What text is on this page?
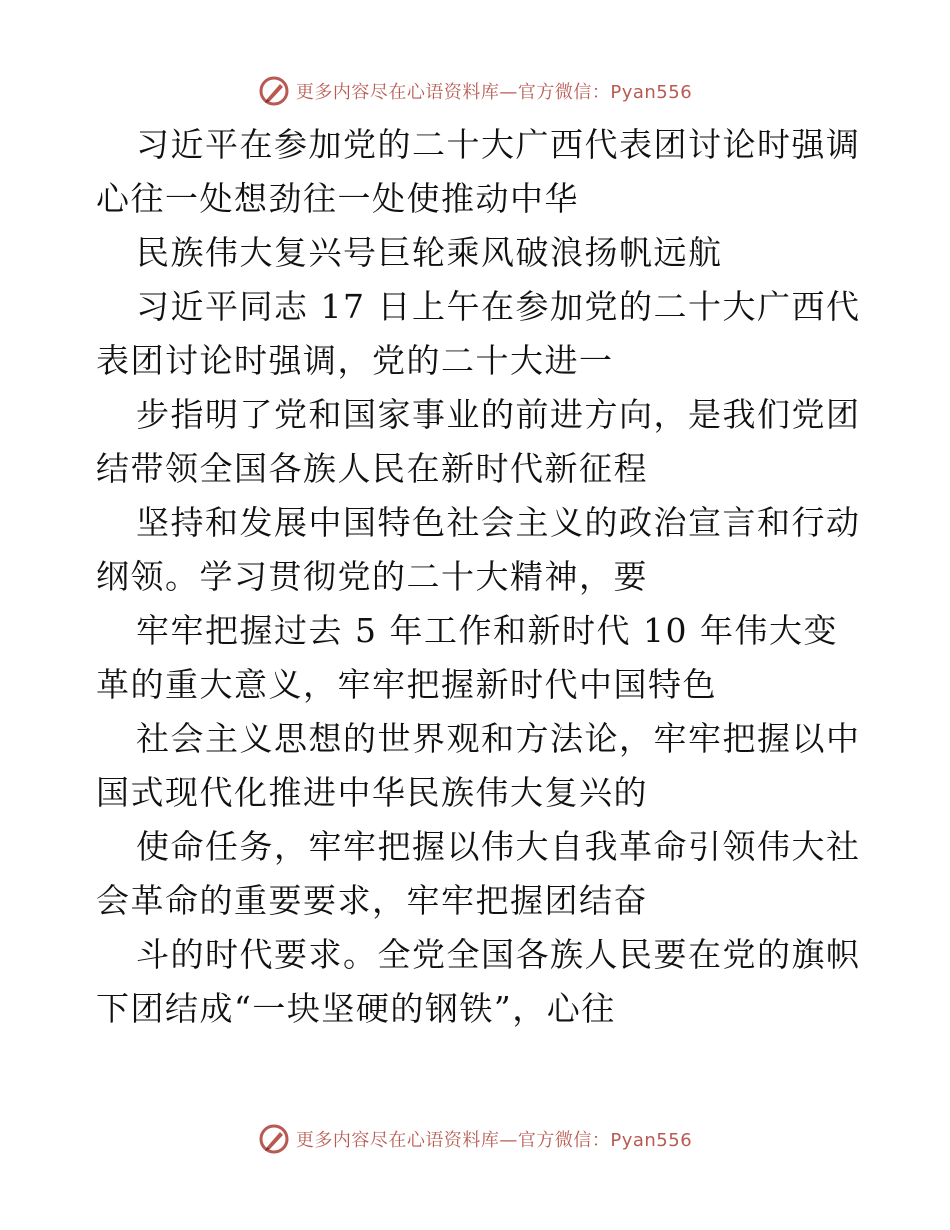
更多内容尽在心语资料库—官方微信：Pyan556
习近平在参加党的二十大广西代表团讨论时强调
心往一处想劲往一处使推动中华
民族伟大复兴号巨轮乘风破浪扬帆远航
习近平同志 17 日上午在参加党的二十大广西代
表团讨论时强调，党的二十大进一
步指明了党和国家事业的前进方向，是我们党团
结带领全国各族人民在新时代新征程
坚持和发展中国特色社会主义的政治宣言和行动
纲领。学习贯彻党的二十大精神，要
牢牢把握过去 5 年工作和新时代 10 年伟大变
革的重大意义，牢牢把握新时代中国特色
社会主义思想的世界观和方法论，牢牢把握以中
国式现代化推进中华民族伟大复兴的
使命任务，牢牢把握以伟大自我革命引领伟大社
会革命的重要要求，牢牢把握团结奋
斗的时代要求。全党全国各族人民要在党的旗帜
下团结成“一块坚硬的钢铁”，心往
更多内容尽在心语资料库—官方微信：Pyan556
